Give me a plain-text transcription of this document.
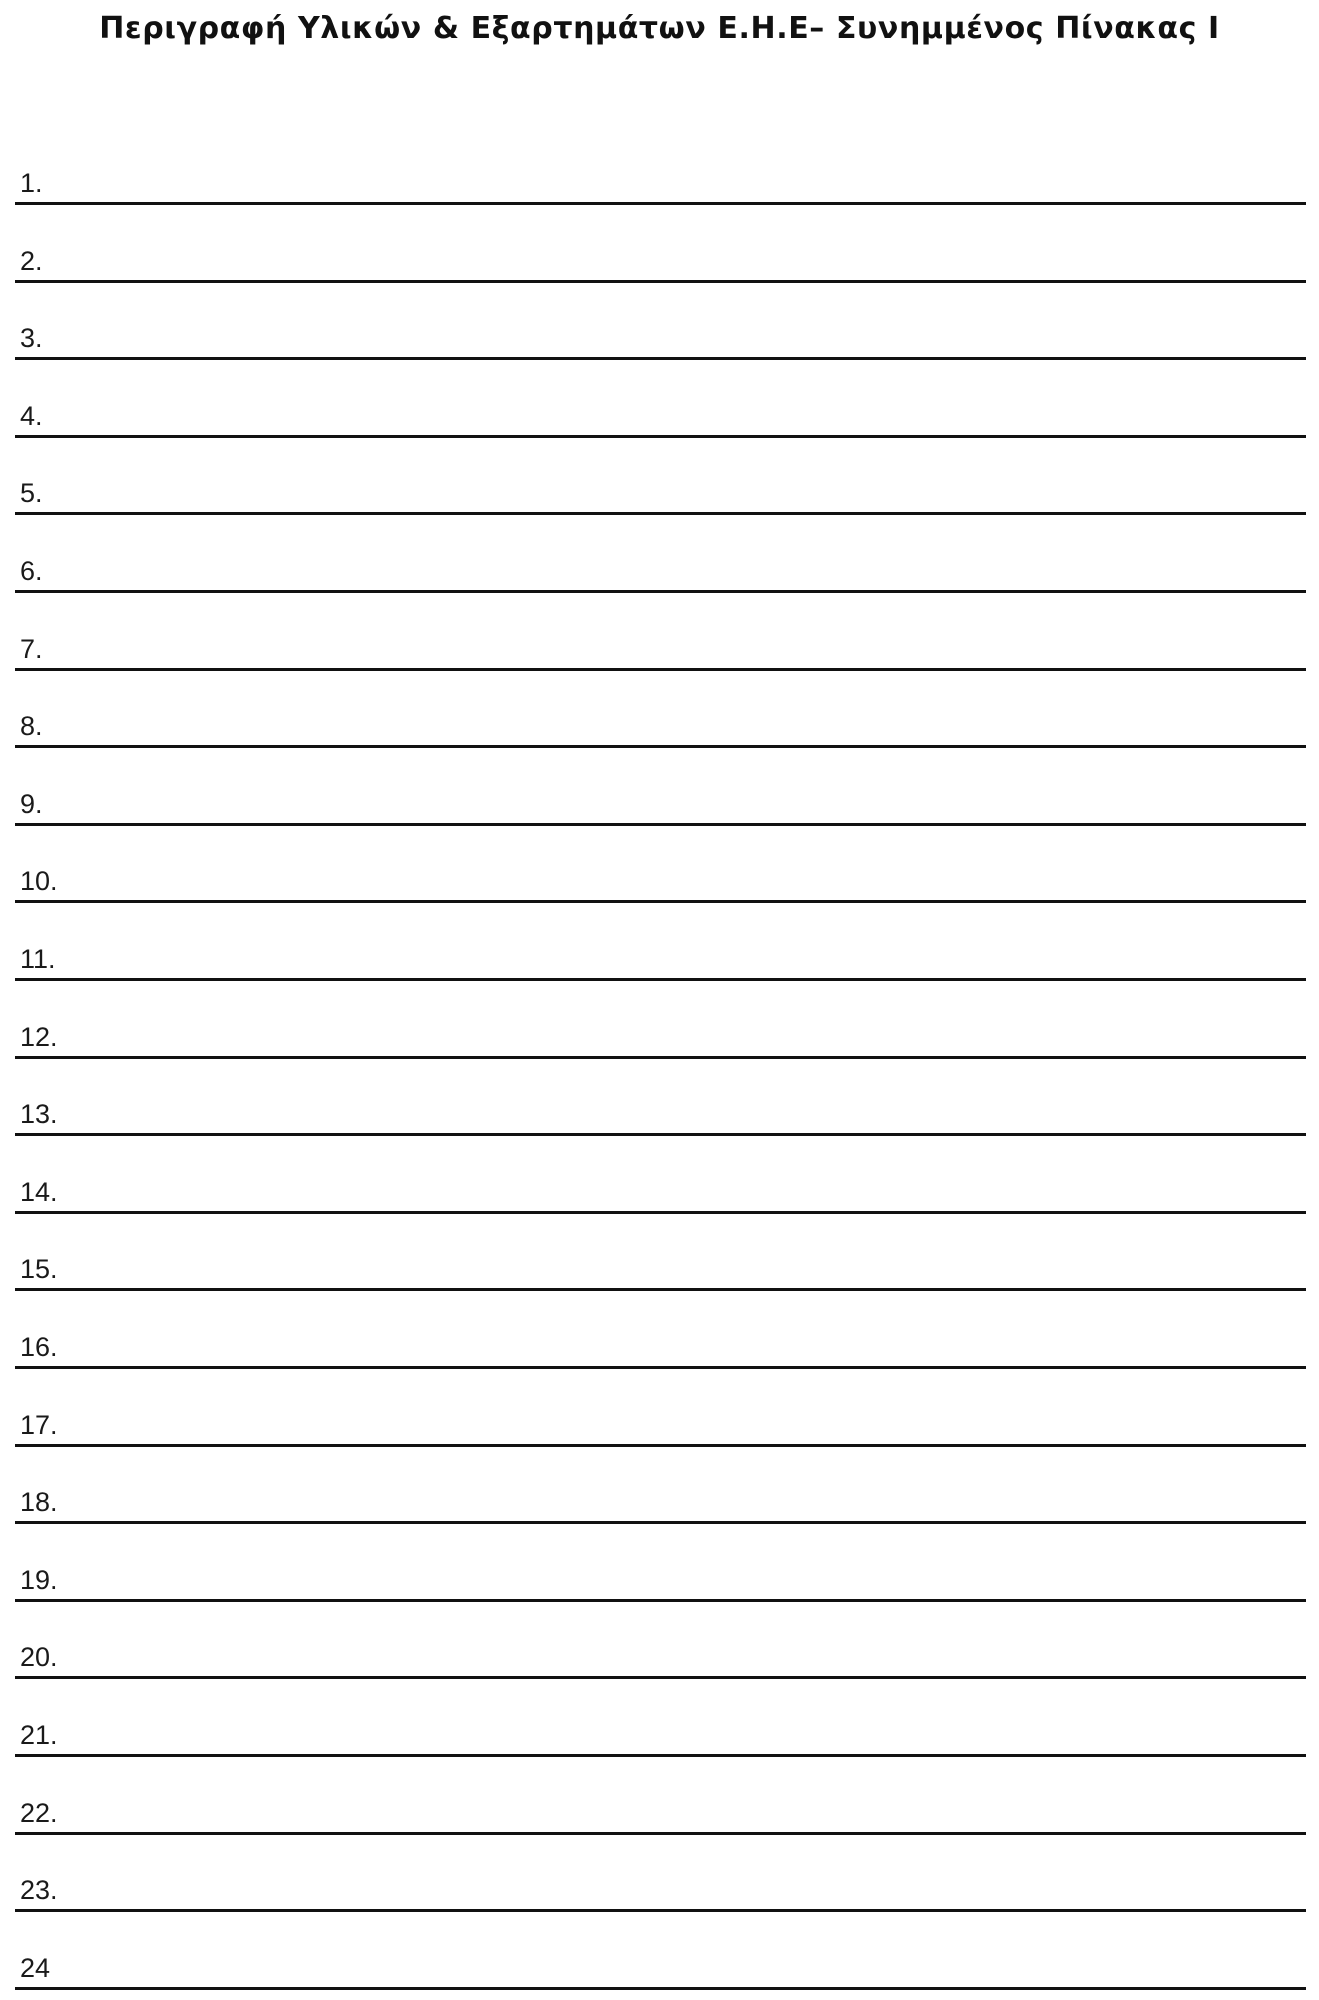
Περιγραφή Υλικών & Εξαρτημάτων Ε.Η.Ε– Συνημμένος Πίνακας Ι
1.
2.
3.
4.
5.
6.
7.
8.
9.
10.
11.
12.
13.
14.
15.
16.
17.
18.
19.
20.
21.
22.
23.
24
